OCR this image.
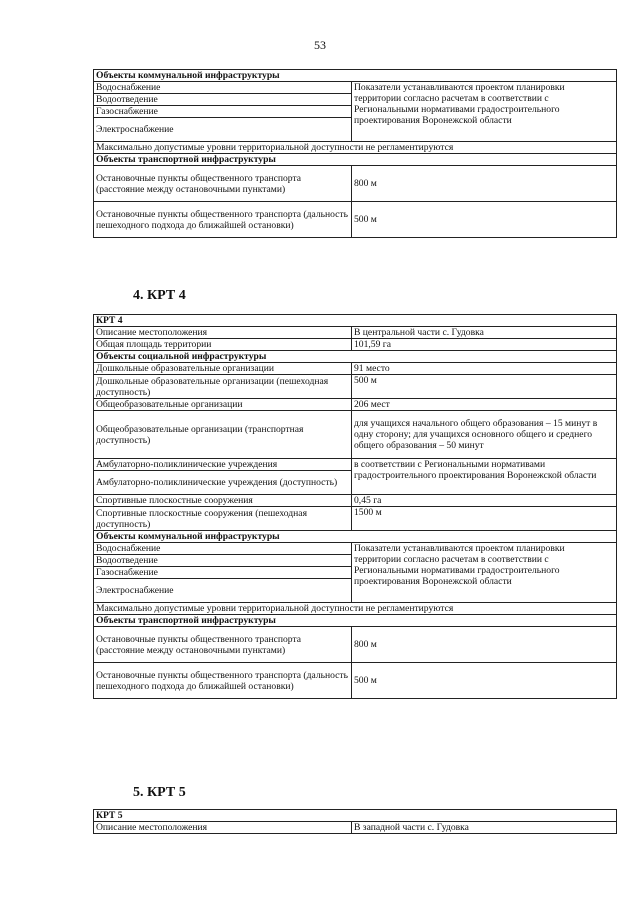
53
Объекты коммунальной инфраструктуры	
Водоснабжение	Показатели устанавливаются проектом планировки территории согласно расчетам в соответствии с Региональными нормативами градостроительного проектирования Воронежской области
Водоотведение	
Газоснабжение	
Электроснабжение	
Максимально допустимые уровни территориальной доступности не регламентируются	
Объекты транспортной инфраструктуры	
Остановочные пункты общественного транспорта (расстояние между остановочными пунктами)	800 м
Остановочные пункты общественного транспорта (дальность пешеходного подхода до ближайшей остановки)	500 м
4. КРТ 4
КРТ 4	
Описание местоположения	В центральной части с. Гудовка
Общая площадь территории	101,59 га
Объекты социальной инфраструктуры	
Дошкольные образовательные организации	91 место
Дошкольные образовательные организации (пешеходная доступность)	500 м
Общеобразовательные организации	206 мест
Общеобразовательные организации (транспортная доступность)	для учащихся начального общего образования – 15 минут в одну сторону; для учащихся основного общего и среднего общего образования – 50 минут
Амбулаторно-поликлинические учреждения	в соответствии с Региональными нормативами градостроительного проектирования Воронежской области
Амбулаторно-поликлинические учреждения (доступность)	
Спортивные плоскостные сооружения	0,45 га
Спортивные плоскостные сооружения (пешеходная доступность)	1500 м
Объекты коммунальной инфраструктуры	
Водоснабжение	Показатели устанавливаются проектом планировки территории согласно расчетам в соответствии с Региональными нормативами градостроительного проектирования Воронежской области
Водоотведение	
Газоснабжение	
Электроснабжение	
Максимально допустимые уровни территориальной доступности не регламентируются	
Объекты транспортной инфраструктуры	
Остановочные пункты общественного транспорта (расстояние между остановочными пунктами)	800 м
Остановочные пункты общественного транспорта (дальность пешеходного подхода до ближайшей остановки)	500 м
5. КРТ 5
КРТ 5
Описание местоположения	В западной части с. Гудовка
